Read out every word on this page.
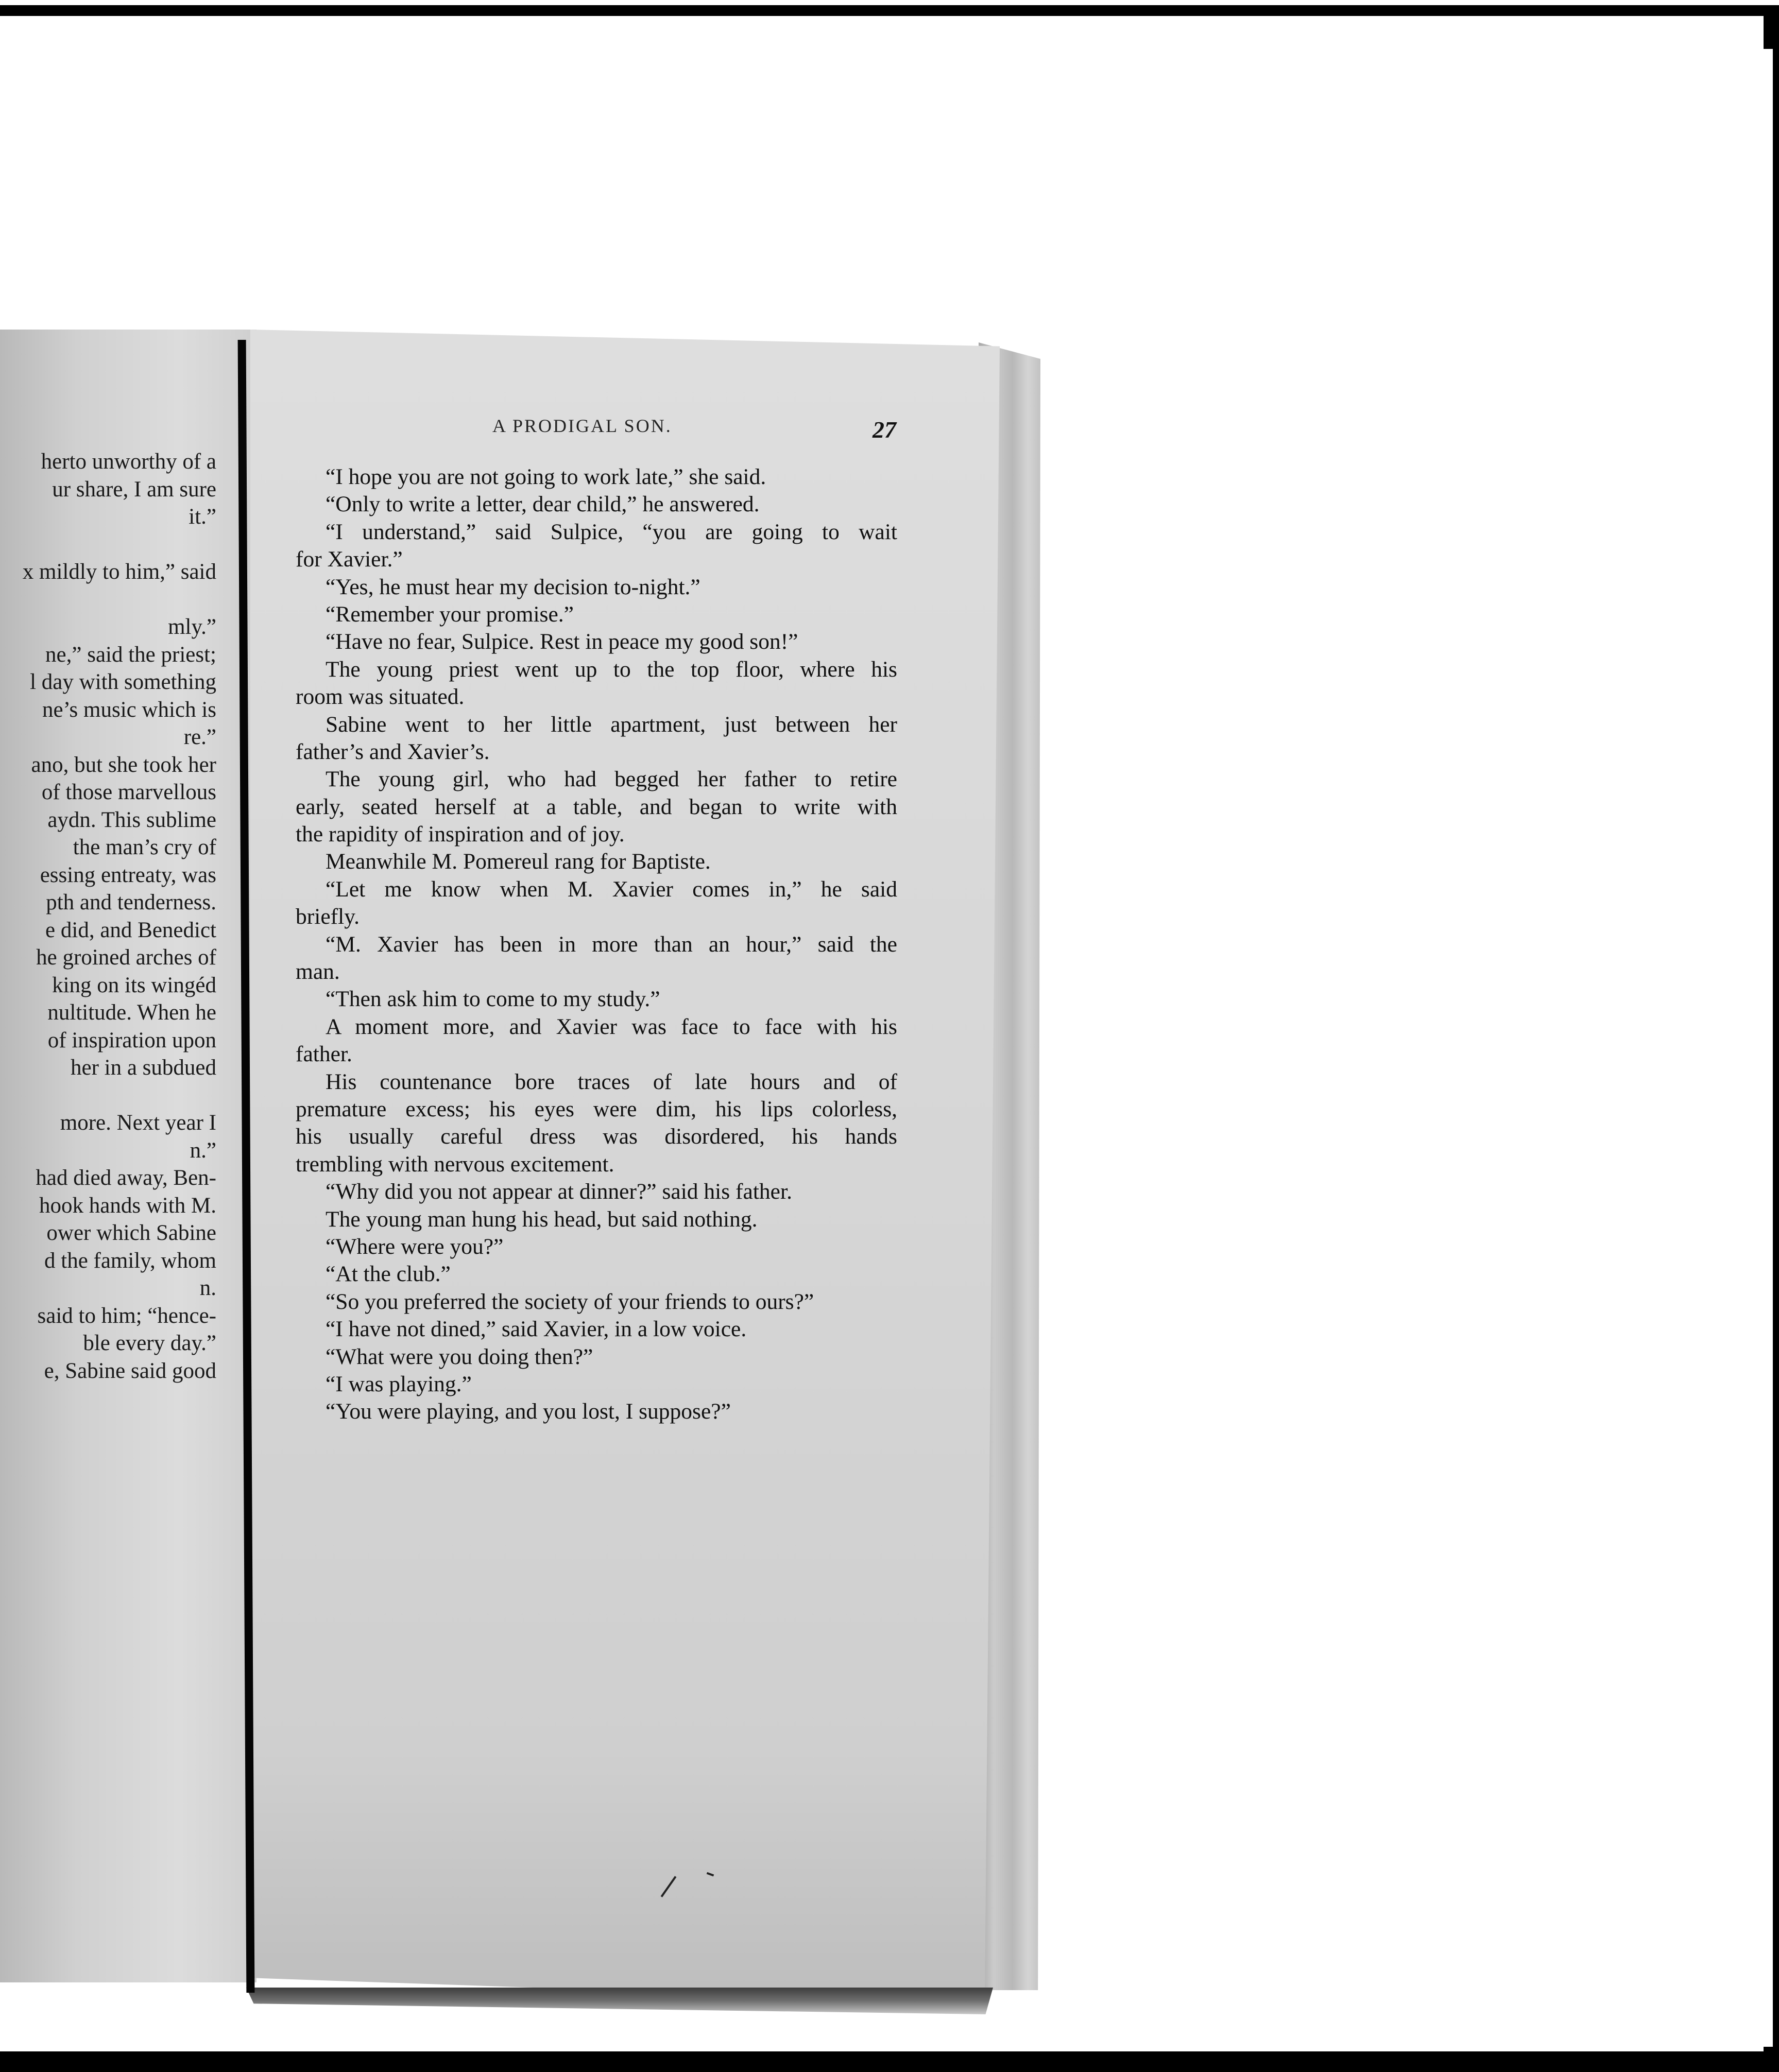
herto unworthy of a
ur share, I am sure
it.”
x mildly to him,” said
mly.”
ne,” said the priest;
l day with something
ne’s music which is
re.”
ano, but she took her
of those marvellous
aydn. This sublime
the man’s cry of
essing entreaty, was
pth and tenderness.
e did, and Benedict
he groined arches of
king on its wingéd
nultitude. When he
of inspiration upon
her in a subdued
more. Next year I
n.”
had died away, Ben-
hook hands with M.
ower which Sabine
d the family, whom
n.
said to him; “hence-
ble every day.”
e, Sabine said good
A PRODIGAL SON.	27
“I hope you are not going to work late,” she said.
“Only to write a letter, dear child,” he answered.
“I understand,” said Sulpice, “you are going to wait
for Xavier.”
“Yes, he must hear my decision to-night.”
“Remember your promise.”
“Have no fear, Sulpice. Rest in peace my good son!”
The young priest went up to the top floor, where his
room was situated.
Sabine went to her little apartment, just between her
father’s and Xavier’s.
The young girl, who had begged her father to retire
early, seated herself at a table, and began to write with
the rapidity of inspiration and of joy.
Meanwhile M. Pomereul rang for Baptiste.
“Let me know when M. Xavier comes in,” he said
briefly.
“M. Xavier has been in more than an hour,” said the
man.
“Then ask him to come to my study.”
A moment more, and Xavier was face to face with his
father.
His countenance bore traces of late hours and of
premature excess; his eyes were dim, his lips colorless,
his usually careful dress was disordered, his hands
trembling with nervous excitement.
“Why did you not appear at dinner?” said his father.
The young man hung his head, but said nothing.
“Where were you?”
“At the club.”
“So you preferred the society of your friends to ours?”
“I have not dined,” said Xavier, in a low voice.
“What were you doing then?”
“I was playing.”
“You were playing, and you lost, I suppose?”
